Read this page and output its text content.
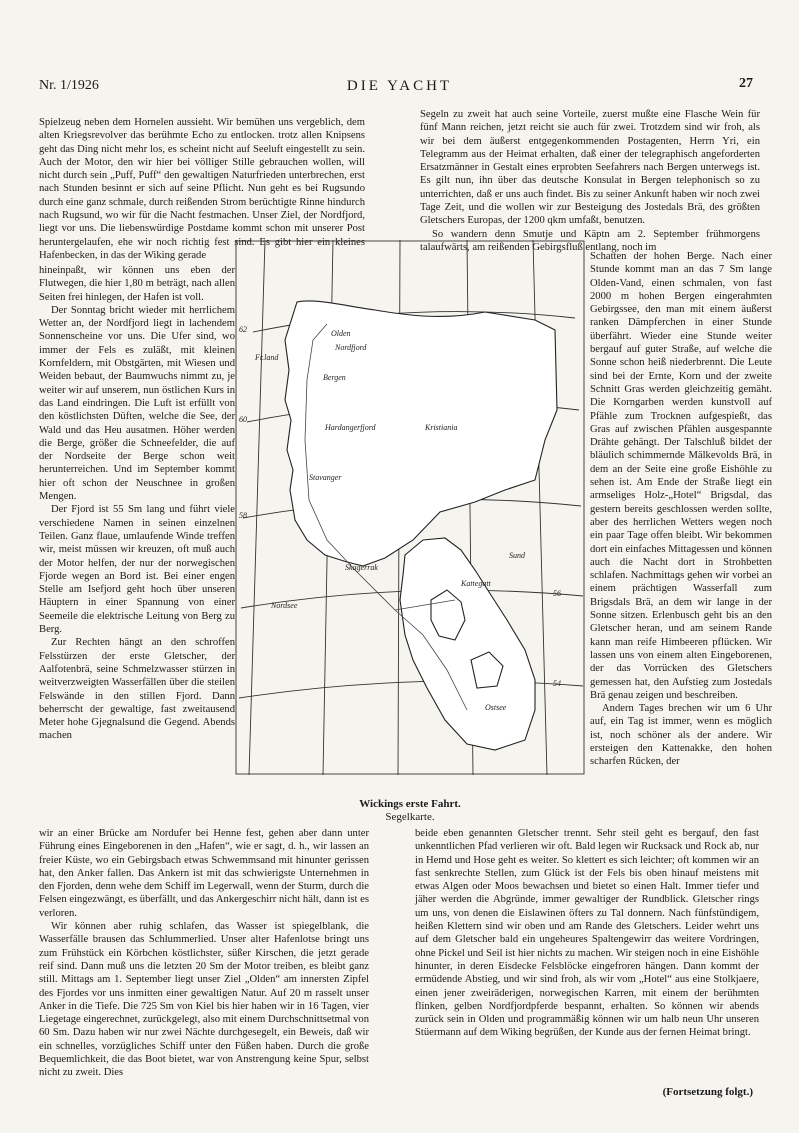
Nr. 1/1926	DIE YACHT	27

Spielzeug neben dem Hornelen aussieht. Wir bemühen uns vergeblich, dem alten Kriegsrevolver das berühmte Echo zu entlocken. trotz allen Knipsens geht das Ding nicht mehr los, es scheint nicht auf Seeluft eingestellt zu sein. Auch der Motor, den wir hier bei völliger Stille gebrauchen wollen, will nicht durch sein „Puff, Puff“ den gewaltigen Naturfrieden unterbrechen, erst nach Stunden besinnt er sich auf seine Pflicht. Nun geht es bei Rugsundo durch eine ganz schmale, durch reißenden Strom berüchtigte Rinne hindurch nach Rugsund, wo wir für die Nacht festmachen. Unser Ziel, der Nordfjord, liegt vor uns. Die liebenswürdige Postdame kommt schon mit unserer Post heruntergelaufen, ehe wir noch richtig fest sind. Es gibt hier ein kleines Hafenbecken, in das der Wiking gerade

hineinpaßt, wir können uns eben der Flutwegen, die hier 1,80 m beträgt, nach allen Seiten frei hinlegen, der Hafen ist voll.

Der Sonntag bricht wieder mit herrlichem Wetter an, der Nordfjord liegt in lachendem Sonnenscheine vor uns. Die Ufer sind, wo immer der Fels es zuläßt, mit kleinen Kornfeldern, mit Obstgärten, mit Wiesen und Weiden bebaut, der Baumwuchs nimmt zu, je weiter wir auf unserem, nun östlichen Kurs in das Land eindringen. Die Luft ist erfüllt von den köstlichsten Düften, welche die See, der Wald und das Heu ausatmen. Höher werden die Berge, größer die Schneefelder, die auf der Nordseite der Berge schon weit herunterreichen. Und im September kommt hier oft schon der Neuschnee in großen Mengen.

Der Fjord ist 55 Sm lang und führt viele verschiedene Namen in seinen einzelnen Teilen. Ganz flaue, umlaufende Winde treffen wir, meist müssen wir kreuzen, oft muß auch der Motor helfen, der nur der norwegischen Fjorde wegen an Bord ist. Bei einer engen Stelle am Isefjord geht hoch über unseren Häuptern in einer Spannung von einer Seemeile die elektrische Leitung von Berg zu Berg.

Zur Rechten hängt an den schroffen Felsstürzen der erste Gletscher, der Aalfotenbrä, seine Schmelzwasser stürzen in weitverzweigten Wasserfällen über die steilen Felswände in den stillen Fjord. Dann beherrscht der gewaltige, fast zweitausend Meter hohe Gjegnalsund die Gegend. Abends machen

Segeln zu zweit hat auch seine Vorteile, zuerst mußte eine Flasche Wein für fünf Mann reichen, jetzt reicht sie auch für zwei. Trotzdem sind wir froh, als wir bei dem äußerst entgegenkommenden Postagenten, Herrn Yri, ein Telegramm aus der Heimat erhalten, daß einer der telegraphisch angeforderten Ersatzmänner in Gestalt eines erprobten Seefahrers nach Bergen unterwegs ist. Es gilt nun, ihn über das deutsche Konsulat in Bergen telephonisch so zu unterrichten, daß er uns auch findet. Bis zu seiner Ankunft haben wir noch zwei Tage Zeit, und die wollen wir zur Besteigung des Jostedals Brä, des größten Gletschers Europas, der 1200 qkm umfaßt, benutzen.

So wandern denn Smutje und Käptn am 2. September frühmorgens talaufwärts, am reißenden Gebirgsfluß entlang, noch im

Schatten der hohen Berge. Nach einer Stunde kommt man an das 7 Sm lange Olden-Vand, einen schmalen, von fast 2000 m hohen Bergen eingerahmten Gebirgssee, den man mit einem äußerst ranken Dämpferchen in einer Stunde überfährt. Wieder eine Stunde weiter bergauf auf guter Straße, auf welche die Sonne schon heiß niederbrennt. Die Leute sind bei der Ernte, Korn und der zweite Schnitt Gras werden gleichzeitig gemäht. Die Korngarben werden kunstvoll auf Pfähle zum Trocknen aufgespießt, das Gras auf zwischen Pfählen ausgespannte Drähte gehängt. Der Talschluß bildet der bläulich schimmernde Mälkevolds Brä, in dem an der Seite eine große Eishöhle zu sehen ist. Am Ende der Straße liegt ein armseliges Holz-„Hotel“ Brigsdal, das gestern bereits geschlossen werden sollte, aber des herrlichen Wetters wegen noch ein paar Tage offen bleibt. Wir bekommen dort ein einfaches Mittagessen und können auch die Nacht dort in Strohbetten schlafen. Nachmittags gehen wir vorbei an einem prächtigen Wasserfall zum Brigsdals Brä, an dem wir lange in der Sonne sitzen. Erlenbusch geht bis an den Gletscher heran, und am seinem Rande kann man reife Himbeeren pflücken. Wir lassen uns von einem alten Eingeborenen, der das Vorrücken des Gletschers gemessen hat, den Aufstieg zum Jostedals Brä genau zeigen und beschreiben.

Andern Tages brechen wir um 6 Uhr auf, ein Tag ist immer, wenn es möglich ist, noch schöner als der andere. Wir ersteigen den Kattenakke, den hohen scharfen Rücken, der

62
60
58
56
54
Fr.land
Olden
Nordfjord
Bergen
Hardangerfjord
Stavanger
Kristiania
Skagerrak
Nordsee
Kattegatt
Sund
Ostsee
Wickings erste Fahrt.
Segelkarte.

wir an einer Brücke am Nordufer bei Henne fest, gehen aber dann unter Führung eines Eingeborenen in den „Hafen“, wie er sagt, d. h., wir lassen an freier Küste, wo ein Gebirgsbach etwas Schwemmsand mit hinunter gerissen hat, den Anker fallen. Das Ankern ist mit das schwierigste Unternehmen in den Fjorden, denn wehe dem Schiff im Legerwall, wenn der Sturm, durch die Felsen eingezwängt, es überfällt, und das Ankergeschirr nicht hält, dann ist es verloren.

Wir können aber ruhig schlafen, das Wasser ist spiegelblank, die Wasserfälle brausen das Schlummerlied. Unser alter Hafenlotse bringt uns zum Frühstück ein Körbchen köstlichster, süßer Kirschen, die jetzt gerade reif sind. Dann muß uns die letzten 20 Sm der Motor treiben, es bleibt ganz still. Mittags am 1. September liegt unser Ziel „Olden“ am innersten Zipfel des Fjordes vor uns inmitten einer gewaltigen Natur. Auf 20 m rasselt unser Anker in die Tiefe. Die 725 Sm von Kiel bis hier haben wir in 16 Tagen, vier Liegetage eingerechnet, zurückgelegt, also mit einem Durchschnittsetmal von 60 Sm. Dazu haben wir nur zwei Nächte durchgesegelt, ein Beweis, daß wir ein schnelles, vorzügliches Schiff unter den Füßen haben. Durch die große Bequemlichkeit, die das Boot bietet, war von Anstrengung keine Spur, selbst nicht zu zweit. Dies

beide eben genannten Gletscher trennt. Sehr steil geht es bergauf, den fast unkenntlichen Pfad verlieren wir oft. Bald legen wir Rucksack und Rock ab, nur in Hemd und Hose geht es weiter. So klettert es sich leichter; oft kommen wir an fast senkrechte Stellen, zum Glück ist der Fels bis oben hinauf meistens mit etwas Algen oder Moos bewachsen und bietet so einen Halt. Immer tiefer und jäher werden die Abgründe, immer gewaltiger der Rundblick. Gletscher rings um uns, von denen die Eislawinen öfters zu Tal donnern. Nach fünfstündigem, heißen Klettern sind wir oben und am Rande des Gletschers. Leider wehrt uns auf dem Gletscher bald ein ungeheures Spaltengewirr das weitere Vordringen, ohne Pickel und Seil ist hier nichts zu machen. Wir steigen noch in eine Eishöhle hinunter, in deren Eisdecke Felsblöcke eingefroren hängen. Dann kommt der ermüdende Abstieg, und wir sind froh, als wir vom „Hotel“ aus eine Stolkjaere, einen jener zweiräderigen, norwegischen Karren, mit einem der berühmten flinken, gelben Nordfjordpferde bespannt, erhalten. So können wir abends zurück sein in Olden und programmäßig können wir um halb neun Uhr unseren Stüermann auf dem Wiking begrüßen, der Kunde aus der fernen Heimat bringt.

(Fortsetzung folgt.)
